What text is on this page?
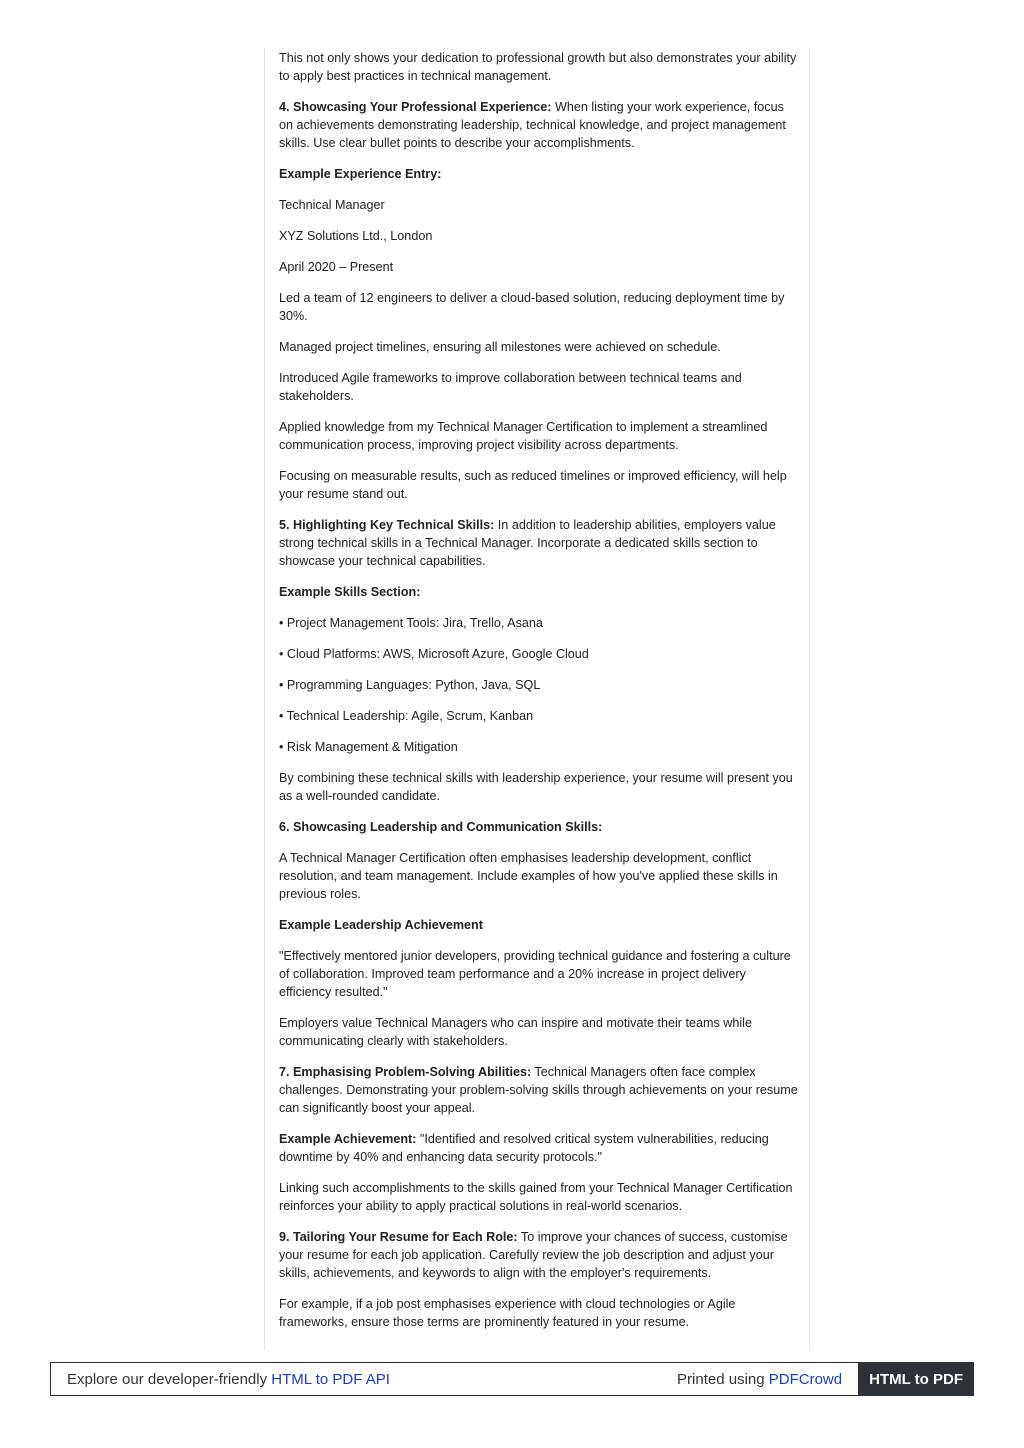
This not only shows your dedication to professional growth but also demonstrates your ability to apply best practices in technical management.

4. Showcasing Your Professional Experience: When listing your work experience, focus on achievements demonstrating leadership, technical knowledge, and project management skills. Use clear bullet points to describe your accomplishments.

Example Experience Entry:

Technical Manager

XYZ Solutions Ltd., London

April 2020 – Present

Led a team of 12 engineers to deliver a cloud-based solution, reducing deployment time by 30%.

Managed project timelines, ensuring all milestones were achieved on schedule.

Introduced Agile frameworks to improve collaboration between technical teams and stakeholders.

Applied knowledge from my Technical Manager Certification to implement a streamlined communication process, improving project visibility across departments.

Focusing on measurable results, such as reduced timelines or improved efficiency, will help your resume stand out.

5. Highlighting Key Technical Skills: In addition to leadership abilities, employers value strong technical skills in a Technical Manager. Incorporate a dedicated skills section to showcase your technical capabilities.

Example Skills Section:

• Project Management Tools: Jira, Trello, Asana

• Cloud Platforms: AWS, Microsoft Azure, Google Cloud

• Programming Languages: Python, Java, SQL

• Technical Leadership: Agile, Scrum, Kanban

• Risk Management & Mitigation

By combining these technical skills with leadership experience, your resume will present you as a well-rounded candidate.

6. Showcasing Leadership and Communication Skills:

A Technical Manager Certification often emphasises leadership development, conflict resolution, and team management. Include examples of how you've applied these skills in previous roles.

Example Leadership Achievement

"Effectively mentored junior developers, providing technical guidance and fostering a culture of collaboration. Improved team performance and a 20% increase in project delivery efficiency resulted."

Employers value Technical Managers who can inspire and motivate their teams while communicating clearly with stakeholders.

7. Emphasising Problem-Solving Abilities: Technical Managers often face complex challenges. Demonstrating your problem-solving skills through achievements on your resume can significantly boost your appeal.

Example Achievement: "Identified and resolved critical system vulnerabilities, reducing downtime by 40% and enhancing data security protocols."

Linking such accomplishments to the skills gained from your Technical Manager Certification reinforces your ability to apply practical solutions in real-world scenarios.

9. Tailoring Your Resume for Each Role: To improve your chances of success, customise your resume for each job application. Carefully review the job description and adjust your skills, achievements, and keywords to align with the employer's requirements.

For example, if a job post emphasises experience with cloud technologies or Agile frameworks, ensure those terms are prominently featured in your resume.

Explore our developer-friendly HTML to PDF API	Printed using PDFCrowd	HTML to PDF
